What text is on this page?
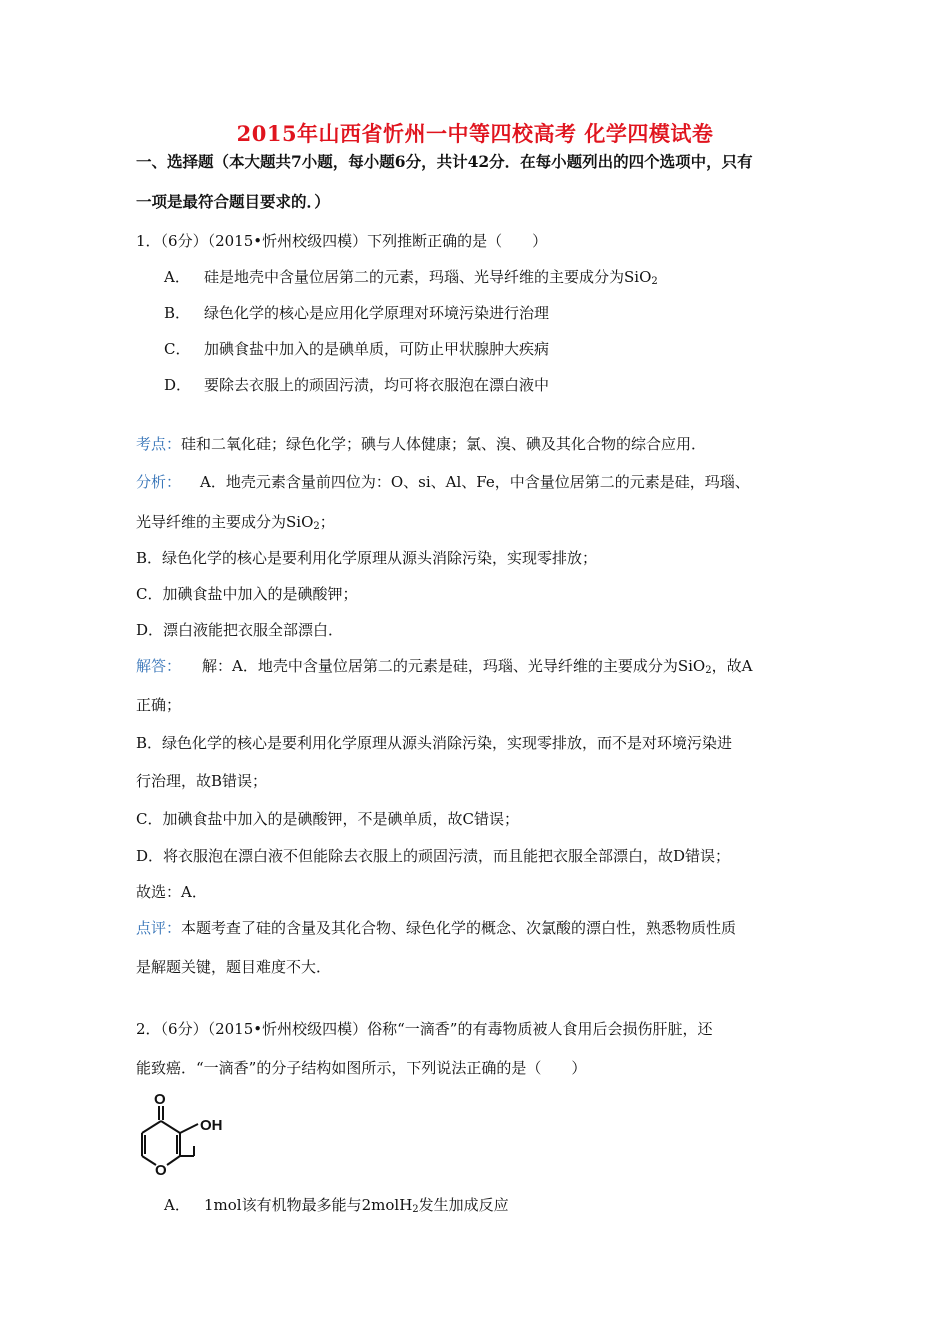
2015年山西省忻州一中等四校高考 化学四模试卷
一、选择题（本大题共7小题，每小题6分，共计42分．在每小题列出的四个选项中，只有
一项是最符合题目要求的．）
1．（6分）（2015•忻州校级四模）下列推断正确的是（　　）
A． 硅是地壳中含量位居第二的元素，玛瑙、光导纤维的主要成分为SiO$_2$
B． 绿色化学的核心是应用化学原理对环境污染进行治理
C． 加碘食盐中加入的是碘单质，可防止甲状腺肿大疾病
D． 要除去衣服上的顽固污渍，均可将衣服泡在漂白液中
考点：硅和二氧化硅；绿色化学；碘与人体健康；氯、溴、碘及其化合物的综合应用．
分析： A．地壳元素含量前四位为：O、si、Al、Fe，中含量位居第二的元素是硅，玛瑙、
光导纤维的主要成分为SiO$_2$；
B．绿色化学的核心是要利用化学原理从源头消除污染，实现零排放；
C．加碘食盐中加入的是碘酸钾；
D．漂白液能把衣服全部漂白．
解答： 解：A．地壳中含量位居第二的元素是硅，玛瑙、光导纤维的主要成分为SiO$_2$，故A
正确；
B．绿色化学的核心是要利用化学原理从源头消除污染，实现零排放，而不是对环境污染进
行治理，故B错误；
C．加碘食盐中加入的是碘酸钾，不是碘单质，故C错误；
D．将衣服泡在漂白液不但能除去衣服上的顽固污渍，而且能把衣服全部漂白，故D错误；
故选：A．
点评：本题考查了硅的含量及其化合物、绿色化学的概念、次氯酸的漂白性，熟悉物质性质
是解题关键，题目难度不大．
2．（6分）（2015•忻州校级四模）俗称“一滴香”的有毒物质被人食用后会损伤肝脏，还
能致癌．“一滴香”的分子结构如图所示，下列说法正确的是（　　）
O
OH
O
A． 1mol该有机物最多能与2molH$_2$发生加成反应
